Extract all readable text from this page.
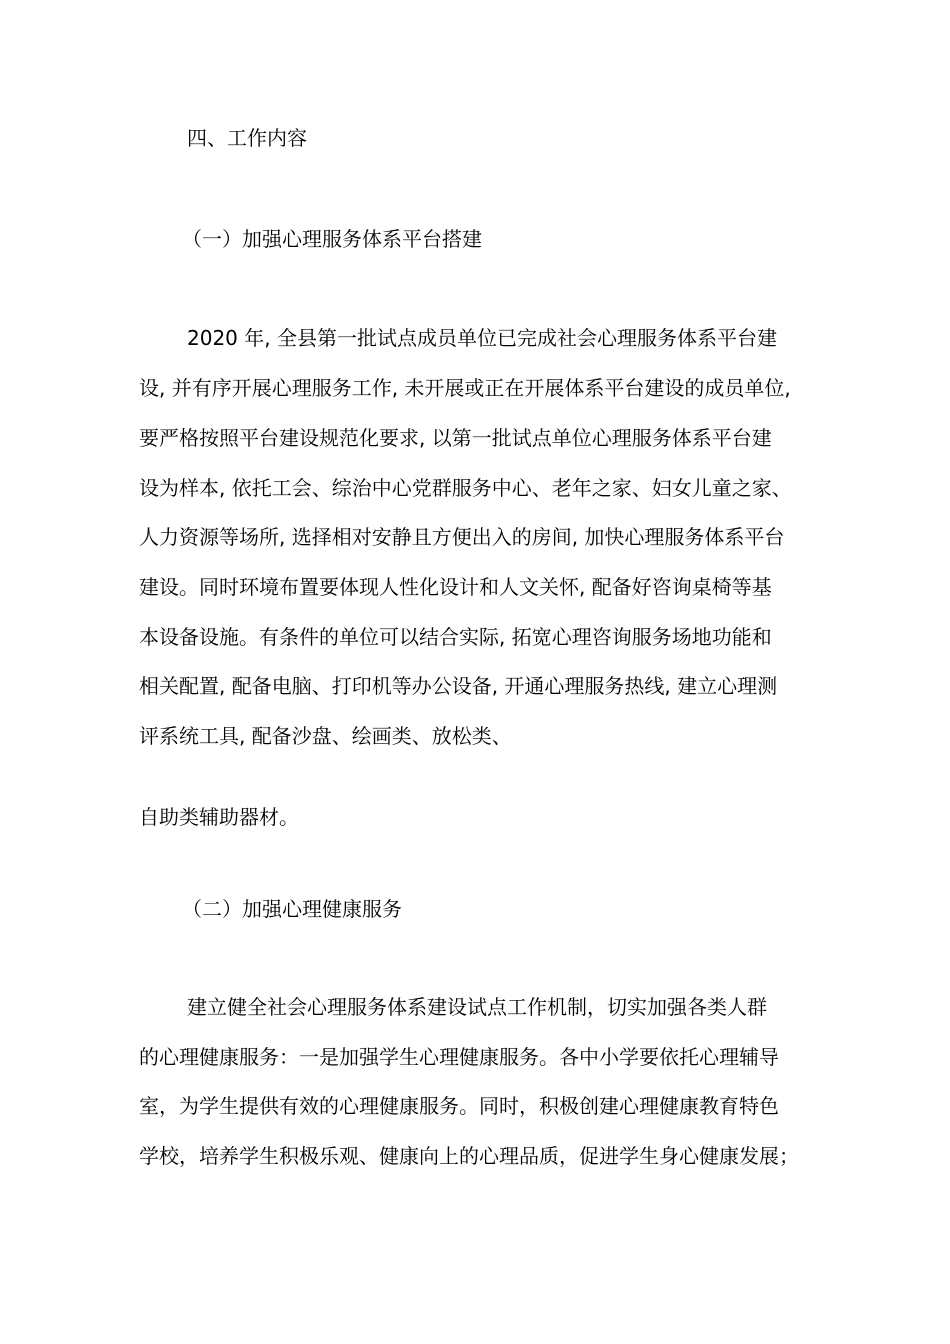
四、工作内容
（一）加强心理服务体系平台搭建
2020 年, 全县第一批试点成员单位已完成社会心理服务体系平台建
设, 并有序开展心理服务工作, 未开展或正在开展体系平台建设的成员单位,
要严格按照平台建设规范化要求, 以第一批试点单位心理服务体系平台建
设为样本, 依托工会、综治中心党群服务中心、老年之家、妇女儿童之家、
人力资源等场所, 选择相对安静且方便出入的房间, 加快心理服务体系平台
建设。同时环境布置要体现人性化设计和人文关怀, 配备好咨询桌椅等基
本设备设施。有条件的单位可以结合实际, 拓宽心理咨询服务场地功能和
相关配置, 配备电脑、打印机等办公设备, 开通心理服务热线, 建立心理测
评系统工具, 配备沙盘、绘画类、放松类、
自助类辅助器材。
（二）加强心理健康服务
建立健全社会心理服务体系建设试点工作机制，切实加强各类人群
的心理健康服务：一是加强学生心理健康服务。各中小学要依托心理辅导
室，为学生提供有效的心理健康服务。同时，积极创建心理健康教育特色
学校，培养学生积极乐观、健康向上的心理品质，促进学生身心健康发展；
